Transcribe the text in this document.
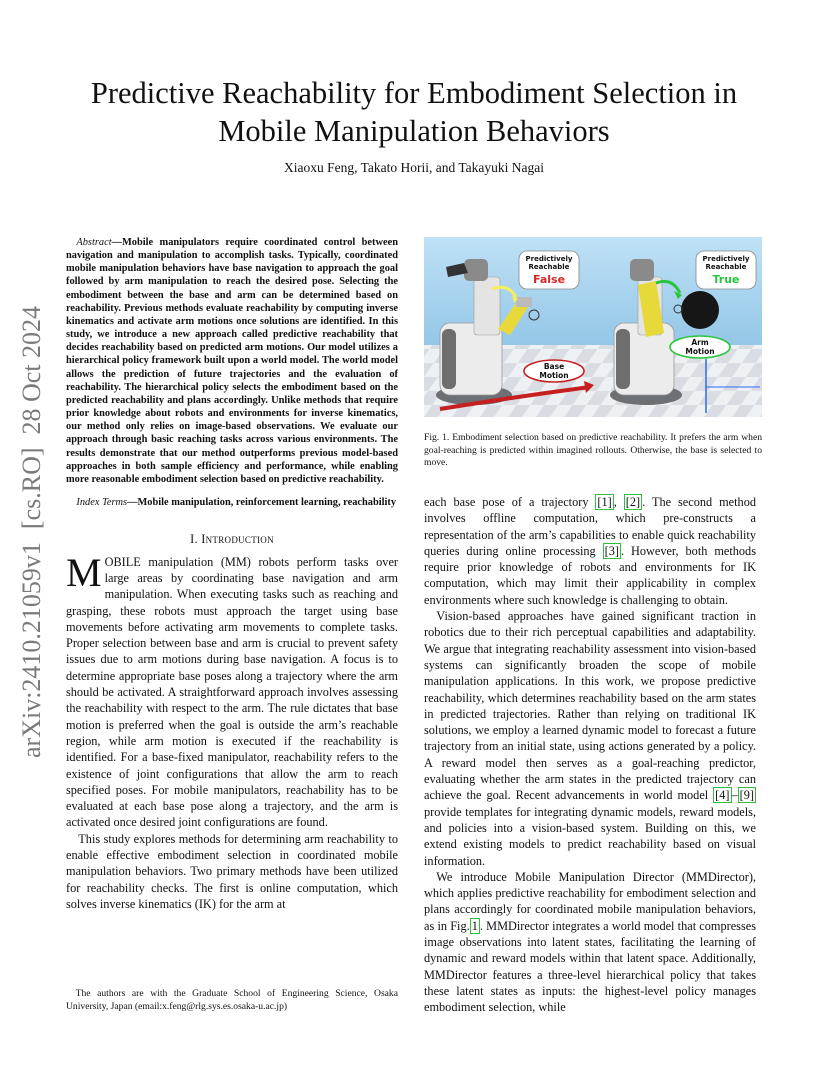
arXiv:2410.21059v1  [cs.RO]  28 Oct 2024
Predictive Reachability for Embodiment Selection in Mobile Manipulation Behaviors
Xiaoxu Feng, Takato Horii, and Takayuki Nagai

Abstract—Mobile manipulators require coordinated control between navigation and manipulation to accomplish tasks. Typically, coordinated mobile manipulation behaviors have base navigation to approach the goal followed by arm manipulation to reach the desired pose. Selecting the embodiment between the base and arm can be determined based on reachability. Previous methods evaluate reachability by computing inverse kinematics and activate arm motions once solutions are identified. In this study, we introduce a new approach called predictive reachability that decides reachability based on predicted arm motions. Our model utilizes a hierarchical policy framework built upon a world model. The world model allows the prediction of future trajectories and the evaluation of reachability. The hierarchical policy selects the embodiment based on the predicted reachability and plans accordingly. Unlike methods that require prior knowledge about robots and environments for inverse kinematics, our method only relies on image-based observations. We evaluate our approach through basic reaching tasks across various environments. The results demonstrate that our method outperforms previous model-based approaches in both sample efficiency and performance, while enabling more reasonable embodiment selection based on predictive reachability.

Index Terms—Mobile manipulation, reinforcement learning, reachability

I. Introduction

MOBILE manipulation (MM) robots perform tasks over large areas by coordinating base navigation and arm manipulation. When executing tasks such as reaching and grasping, these robots must approach the target using base movements before activating arm movements to complete tasks. Proper selection between base and arm is crucial to prevent safety issues due to arm motions during base navigation. A focus is to determine appropriate base poses along a trajectory where the arm should be activated. A straightforward approach involves assessing the reachability with respect to the arm. The rule dictates that base motion is preferred when the goal is outside the arm’s reachable region, while arm motion is executed if the reachability is identified. For a base-fixed manipulator, reachability refers to the existence of joint configurations that allow the arm to reach specified poses. For mobile manipulators, reachability has to be evaluated at each base pose along a trajectory, and the arm is activated once desired joint configurations are found.

This study explores methods for determining arm reachability to enable effective embodiment selection in coordinated mobile manipulation behaviors. Two primary methods have been utilized for reachability checks. The first is online computation, which solves inverse kinematics (IK) for the arm at

The authors are with the Graduate School of Engineering Science, Osaka University, Japan (email:x.feng@rlg.sys.es.osaka-u.ac.jp)
Predictively
Reachable
False
Predictively
Reachable
True
Base
Motion
Arm
Motion

Fig. 1. Embodiment selection based on predictive reachability. It prefers the arm when goal-reaching is predicted within imagined rollouts. Otherwise, the base is selected to move.

each base pose of a trajectory [1] , [2] . The second method involves offline computation, which pre-constructs a representation of the arm’s capabilities to enable quick reachability queries during online processing [3] . However, both methods require prior knowledge of robots and environments for IK computation, which may limit their applicability in complex environments where such knowledge is challenging to obtain.

Vision-based approaches have gained significant traction in robotics due to their rich perceptual capabilities and adaptability. We argue that integrating reachability assessment into vision-based systems can significantly broaden the scope of mobile manipulation applications. In this work, we propose predictive reachability, which determines reachability based on the arm states in predicted trajectories. Rather than relying on traditional IK solutions, we employ a learned dynamic model to forecast a future trajectory from an initial state, using actions generated by a policy. A reward model then serves as a goal-reaching predictor, evaluating whether the arm states in the predicted trajectory can achieve the goal. Recent advancements in world model [4] – [9] provide templates for integrating dynamic models, reward models, and policies into a vision-based system. Building on this, we extend existing models to predict reachability based on visual information.

We introduce Mobile Manipulation Director (MMDirector), which applies predictive reachability for embodiment selection and plans accordingly for coordinated mobile manipulation behaviors, as in Fig. 1 . MMDirector integrates a world model that compresses image observations into latent states, facilitating the learning of dynamic and reward models within that latent space. Additionally, MMDirector features a three-level hierarchical policy that takes these latent states as inputs: the highest-level policy manages embodiment selection, while
